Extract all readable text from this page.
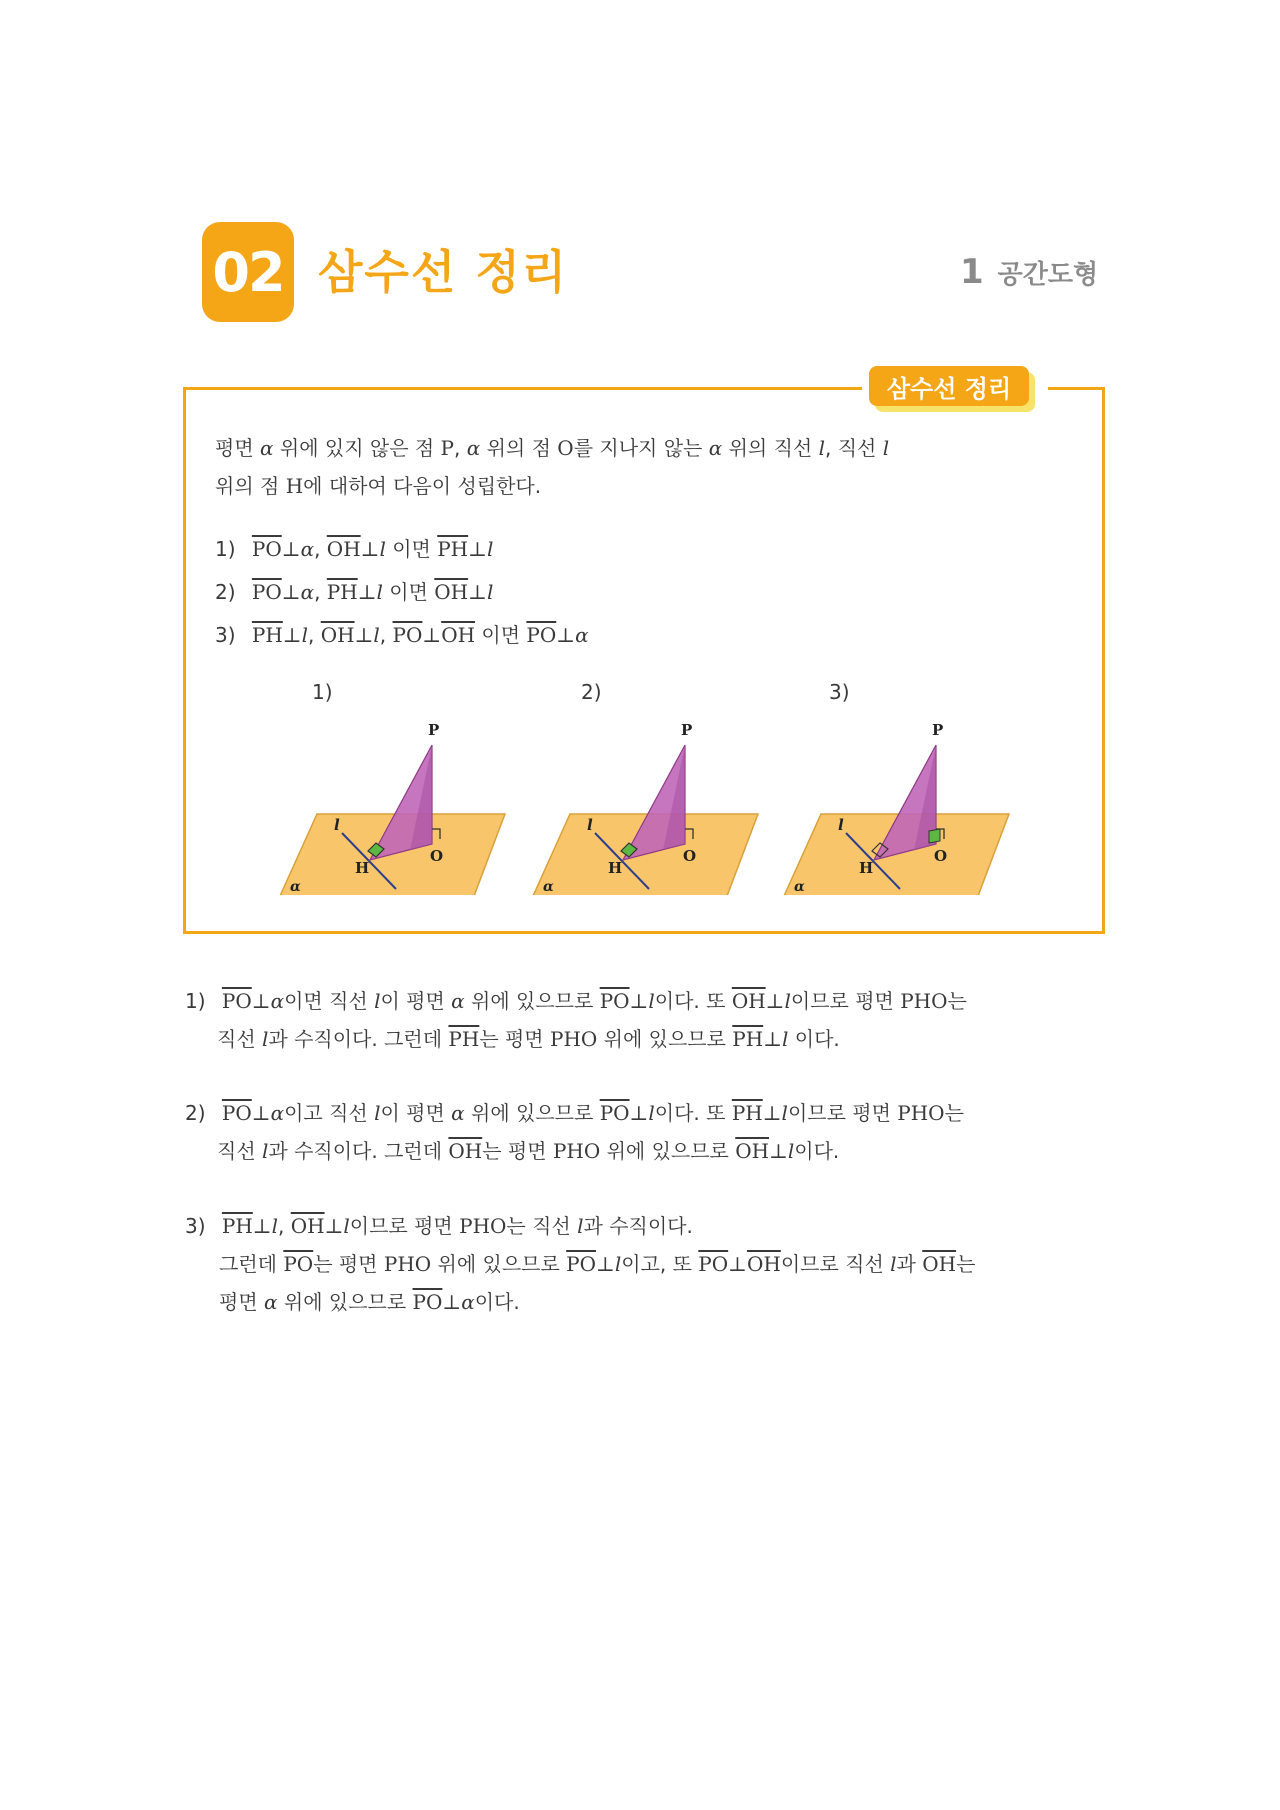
02 삼수선 정리	1 공간도형
삼수선 정리
평면 α 위에 있지 않은 점 P, α 위의 점 O를 지나지 않는 α 위의 직선 l, 직선 l
위의 점 H에 대하여 다음이 성립한다.
1) $\overline{PO}\perp\alpha$, $\overline{OH}\perp l$ 이면 $\overline{PH}\perp l$
2) $\overline{PO}\perp\alpha$, $\overline{PH}\perp l$ 이면 $\overline{OH}\perp l$
3) $\overline{PH}\perp l$, $\overline{OH}\perp l$, $\overline{PO}\perp\overline{OH}$ 이면 $\overline{PO}\perp\alpha$
1)	2)	3)
P
H
O
l
α
P
H
O
l
α
P
H
O
l
α
1) $\overline{PO}\perp\alpha$이면 직선 l이 평면 α 위에 있으므로 $\overline{PO}\perp l$이다. 또 $\overline{OH}\perp l$이므로 평면 PHO는
직선 l과 수직이다. 그런데 $\overline{PH}$는 평면 PHO 위에 있으므로 $\overline{PH}\perp l$ 이다.
2) $\overline{PO}\perp\alpha$이고 직선 l이 평면 α 위에 있으므로 $\overline{PO}\perp l$이다. 또 $\overline{PH}\perp l$이므로 평면 PHO는
직선 l과 수직이다. 그런데 $\overline{OH}$는 평면 PHO 위에 있으므로 $\overline{OH}\perp l$이다.
3) $\overline{PH}\perp l$, $\overline{OH}\perp l$이므로 평면 PHO는 직선 l과 수직이다.
그런데 $\overline{PO}$는 평면 PHO 위에 있으므로 $\overline{PO}\perp l$이고, 또 $\overline{PO}\perp\overline{OH}$이므로 직선 l과 $\overline{OH}$는
평면 α 위에 있으므로 $\overline{PO}\perp\alpha$이다.
